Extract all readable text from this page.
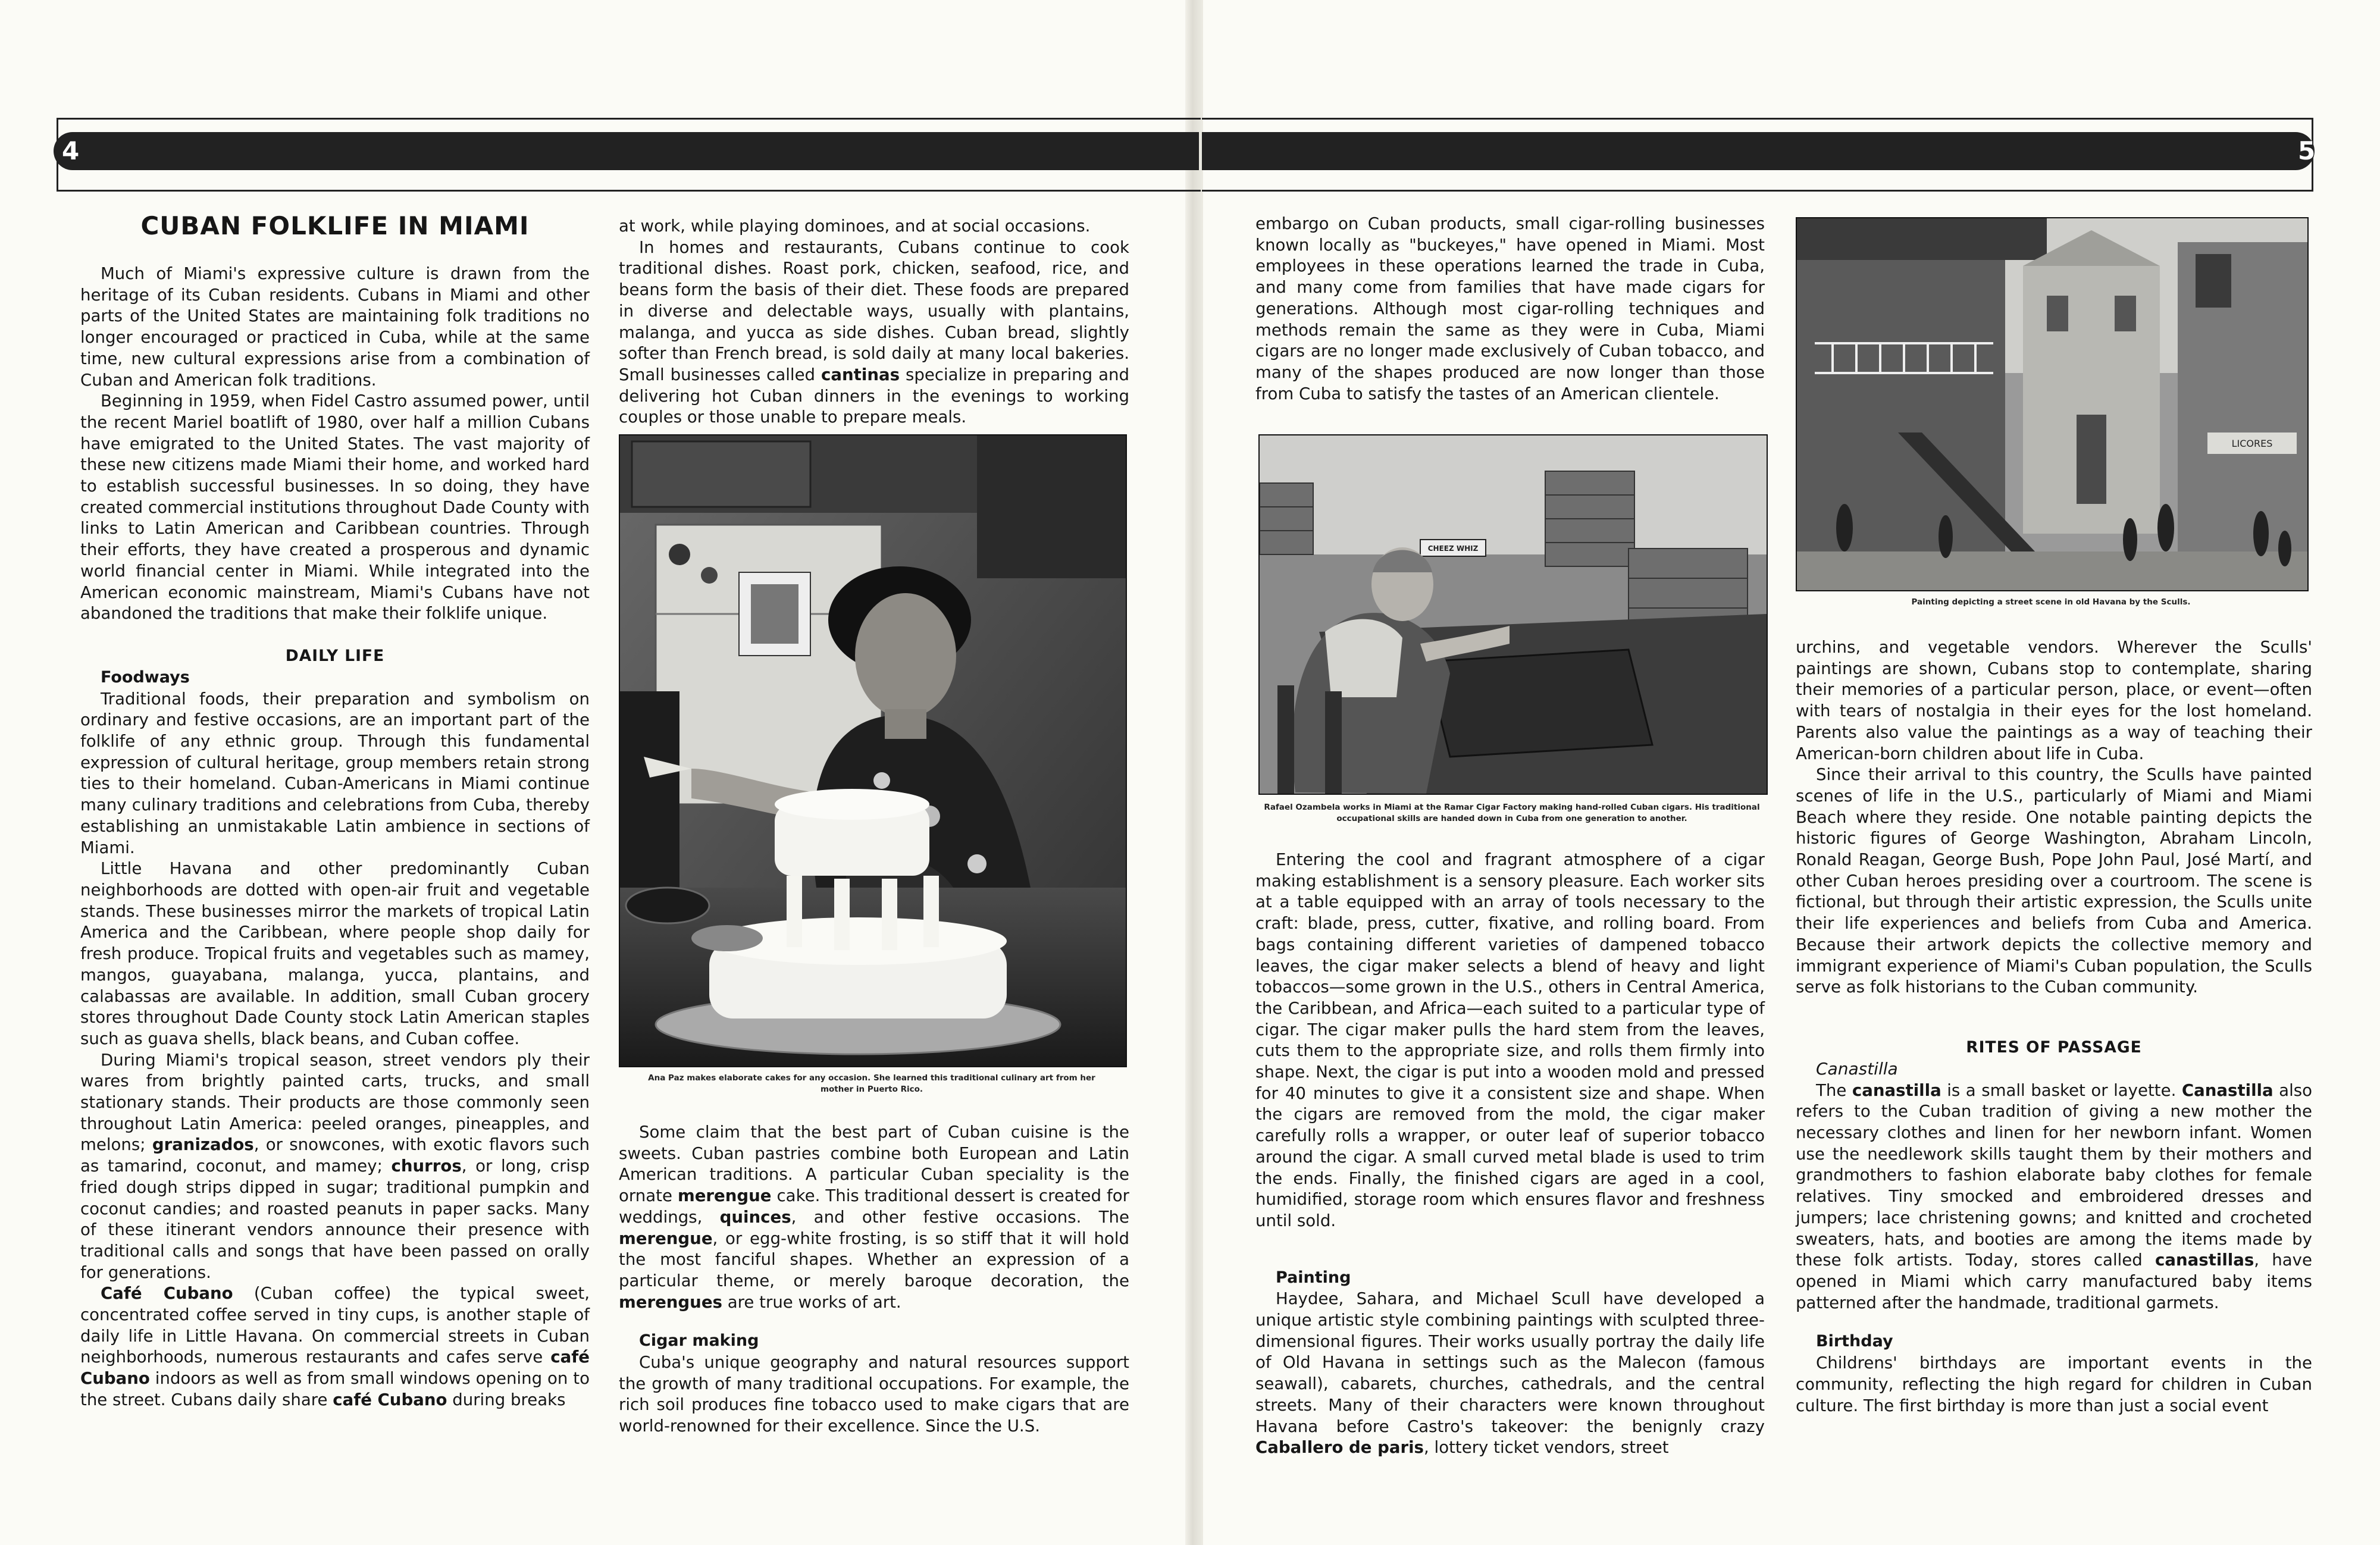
4	5
CUBAN FOLKLIFE IN MIAMI

Much of Miami's expressive culture is drawn from the heritage of its Cuban residents. Cubans in Miami and other parts of the United States are maintaining folk traditions no longer encouraged or practiced in Cuba, while at the same time, new cultural expressions arise from a combination of Cuban and American folk traditions.

Beginning in 1959, when Fidel Castro assumed power, until the recent Mariel boatlift of 1980, over half a million Cubans have emigrated to the United States. The vast majority of these new citizens made Miami their home, and worked hard to establish successful businesses. In so doing, they have created commercial institutions throughout Dade County with links to Latin American and Caribbean countries. Through their efforts, they have created a prosperous and dynamic world financial center in Miami. While integrated into the American economic mainstream, Miami's Cubans have not abandoned the traditions that make their folklife unique.

DAILY LIFE

Foodways

Traditional foods, their preparation and symbolism on ordinary and festive occasions, are an important part of the folklife of any ethnic group. Through this fundamental expression of cultural heritage, group members retain strong ties to their homeland. Cuban-Americans in Miami continue many culinary traditions and celebrations from Cuba, thereby establishing an unmistakable Latin ambience in sections of Miami.

Little Havana and other predominantly Cuban neighborhoods are dotted with open-air fruit and vegetable stands. These businesses mirror the markets of tropical Latin America and the Caribbean, where people shop daily for fresh produce. Tropical fruits and vegetables such as mamey, mangos, guayabana, malanga, yucca, plantains, and calabassas are available. In addition, small Cuban grocery stores throughout Dade County stock Latin American staples such as guava shells, black beans, and Cuban coffee.

During Miami's tropical season, street vendors ply their wares from brightly painted carts, trucks, and small stationary stands. Their products are those commonly seen throughout Latin America: peeled oranges, pineapples, and melons; granizados, or snowcones, with exotic flavors such as tamarind, coconut, and mamey; churros, or long, crisp fried dough strips dipped in sugar; traditional pumpkin and coconut candies; and roasted peanuts in paper sacks. Many of these itinerant vendors announce their presence with traditional calls and songs that have been passed on orally for generations.

Café Cubano (Cuban coffee) the typical sweet, concentrated coffee served in tiny cups, is another staple of daily life in Little Havana. On commercial streets in Cuban neighborhoods, numerous restaurants and cafes serve café Cubano indoors as well as from small windows opening on to the street. Cubans daily share café Cubano during breaks

at work, while playing dominoes, and at social occasions.

In homes and restaurants, Cubans continue to cook traditional dishes. Roast pork, chicken, seafood, rice, and beans form the basis of their diet. These foods are prepared in diverse and delectable ways, usually with plantains, malanga, and yucca as side dishes. Cuban bread, slightly softer than French bread, is sold daily at many local bakeries. Small businesses called cantinas specialize in preparing and delivering hot Cuban dinners in the evenings to working couples or those unable to prepare meals.

Ana Paz makes elaborate cakes for any occasion. She learned this traditional culinary art from her mother in Puerto Rico.

Some claim that the best part of Cuban cuisine is the sweets. Cuban pastries combine both European and Latin American traditions. A particular Cuban speciality is the ornate merengue cake. This traditional dessert is created for weddings, quinces, and other festive occasions. The merengue, or egg-white frosting, is so stiff that it will hold the most fanciful shapes. Whether an expression of a particular theme, or merely baroque decoration, the merengues are true works of art.

Cigar making

Cuba's unique geography and natural resources support the growth of many traditional occupations. For example, the rich soil produces fine tobacco used to make cigars that are world-renowned for their excellence. Since the U.S.

embargo on Cuban products, small cigar-rolling businesses known locally as "buckeyes," have opened in Miami. Most employees in these operations learned the trade in Cuba, and many come from families that have made cigars for generations. Although most cigar-rolling techniques and methods remain the same as they were in Cuba, Miami cigars are no longer made exclusively of Cuban tobacco, and many of the shapes produced are now longer than those from Cuba to satisfy the tastes of an American clientele.

CHEEZ WHIZ
Rafael Ozambela works in Miami at the Ramar Cigar Factory making hand-rolled Cuban cigars. His traditional occupational skills are handed down in Cuba from one generation to another.

Entering the cool and fragrant atmosphere of a cigar making establishment is a sensory pleasure. Each worker sits at a table equipped with an array of tools necessary to the craft: blade, press, cutter, fixative, and rolling board. From bags containing different varieties of dampened tobacco leaves, the cigar maker selects a blend of heavy and light tobaccos—some grown in the U.S., others in Central America, the Caribbean, and Africa—each suited to a particular type of cigar. The cigar maker pulls the hard stem from the leaves, cuts them to the appropriate size, and rolls them firmly into shape. Next, the cigar is put into a wooden mold and pressed for 40 minutes to give it a consistent size and shape. When the cigars are removed from the mold, the cigar maker carefully rolls a wrapper, or outer leaf of superior tobacco around the cigar. A small curved metal blade is used to trim the ends. Finally, the finished cigars are aged in a cool, humidified, storage room which ensures flavor and freshness until sold.

Painting

Haydee, Sahara, and Michael Scull have developed a unique artistic style combining paintings with sculpted three-dimensional figures. Their works usually portray the daily life of Old Havana in settings such as the Malecon (famous seawall), cabarets, churches, cathedrals, and the central streets. Many of their characters were known throughout Havana before Castro's takeover: the benignly crazy Caballero de paris, lottery ticket vendors, street

LICORES
Painting depicting a street scene in old Havana by the Sculls.

urchins, and vegetable vendors. Wherever the Sculls' paintings are shown, Cubans stop to contemplate, sharing their memories of a particular person, place, or event—often with tears of nostalgia in their eyes for the lost homeland. Parents also value the paintings as a way of teaching their American-born children about life in Cuba.

Since their arrival to this country, the Sculls have painted scenes of life in the U.S., particularly of Miami and Miami Beach where they reside. One notable painting depicts the historic figures of George Washington, Abraham Lincoln, Ronald Reagan, George Bush, Pope John Paul, José Martí, and other Cuban heroes presiding over a courtroom. The scene is fictional, but through their artistic expression, the Sculls unite their life experiences and beliefs from Cuba and America. Because their artwork depicts the collective memory and immigrant experience of Miami's Cuban population, the Sculls serve as folk historians to the Cuban community.

RITES OF PASSAGE

Canastilla

The canastilla is a small basket or layette. Canastilla also refers to the Cuban tradition of giving a new mother the necessary clothes and linen for her newborn infant. Women use the needlework skills taught them by their mothers and grandmothers to fashion elaborate baby clothes for female relatives. Tiny smocked and embroidered dresses and jumpers; lace christening gowns; and knitted and crocheted sweaters, hats, and booties are among the items made by these folk artists. Today, stores called canastillas, have opened in Miami which carry manufactured baby items patterned after the handmade, traditional garmets.

Birthday

Childrens' birthdays are important events in the community, reflecting the high regard for children in Cuban culture. The first birthday is more than just a social event
